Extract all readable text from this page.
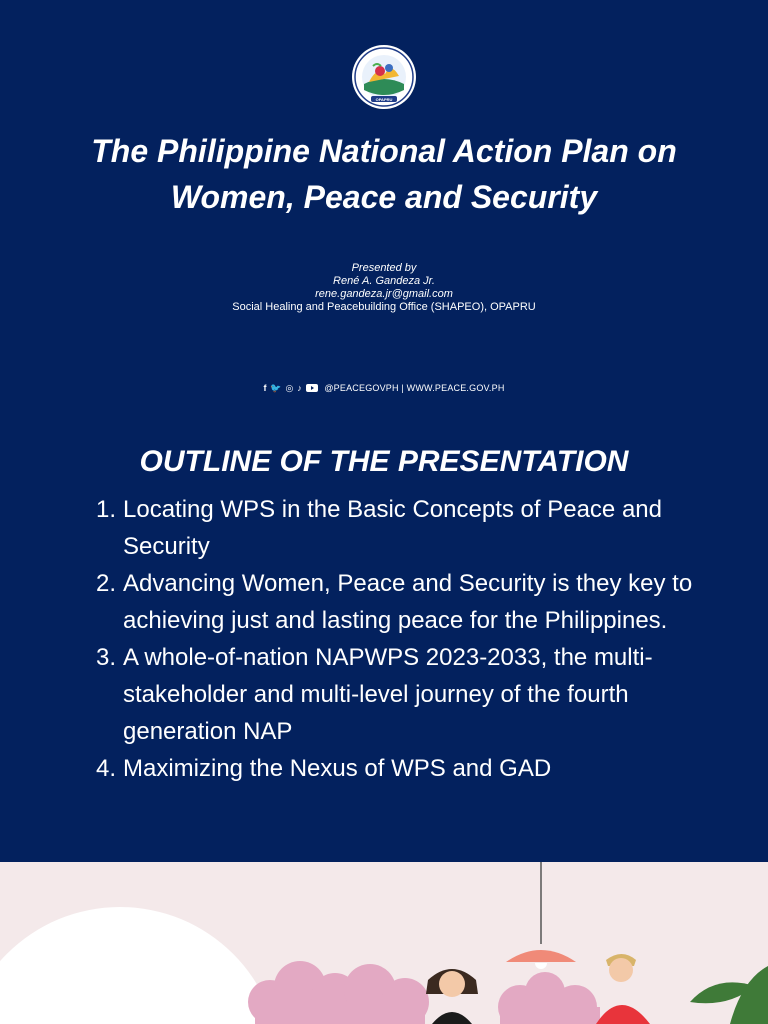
OPAPRU
The Philippine National Action Plan on
Women, Peace and Security
Presented by
René A. Gandeza Jr.
rene.gandeza.jr@gmail.com
Social Healing and Peacebuilding Office (SHAPEO), OPAPRU
f 🐦 ◎ ♪ @PEACEGOVPH | WWW.PEACE.GOV.PH
OUTLINE OF THE PRESENTATION
1. Locating WPS in the Basic Concepts of Peace and Security
2. Advancing Women, Peace and Security is they key to achieving just and lasting peace for the Philippines.
3. A whole-of-nation NAPWPS 2023-2033, the multi-stakeholder and multi-level journey of the fourth generation NAP
4. Maximizing the Nexus of WPS and GAD
